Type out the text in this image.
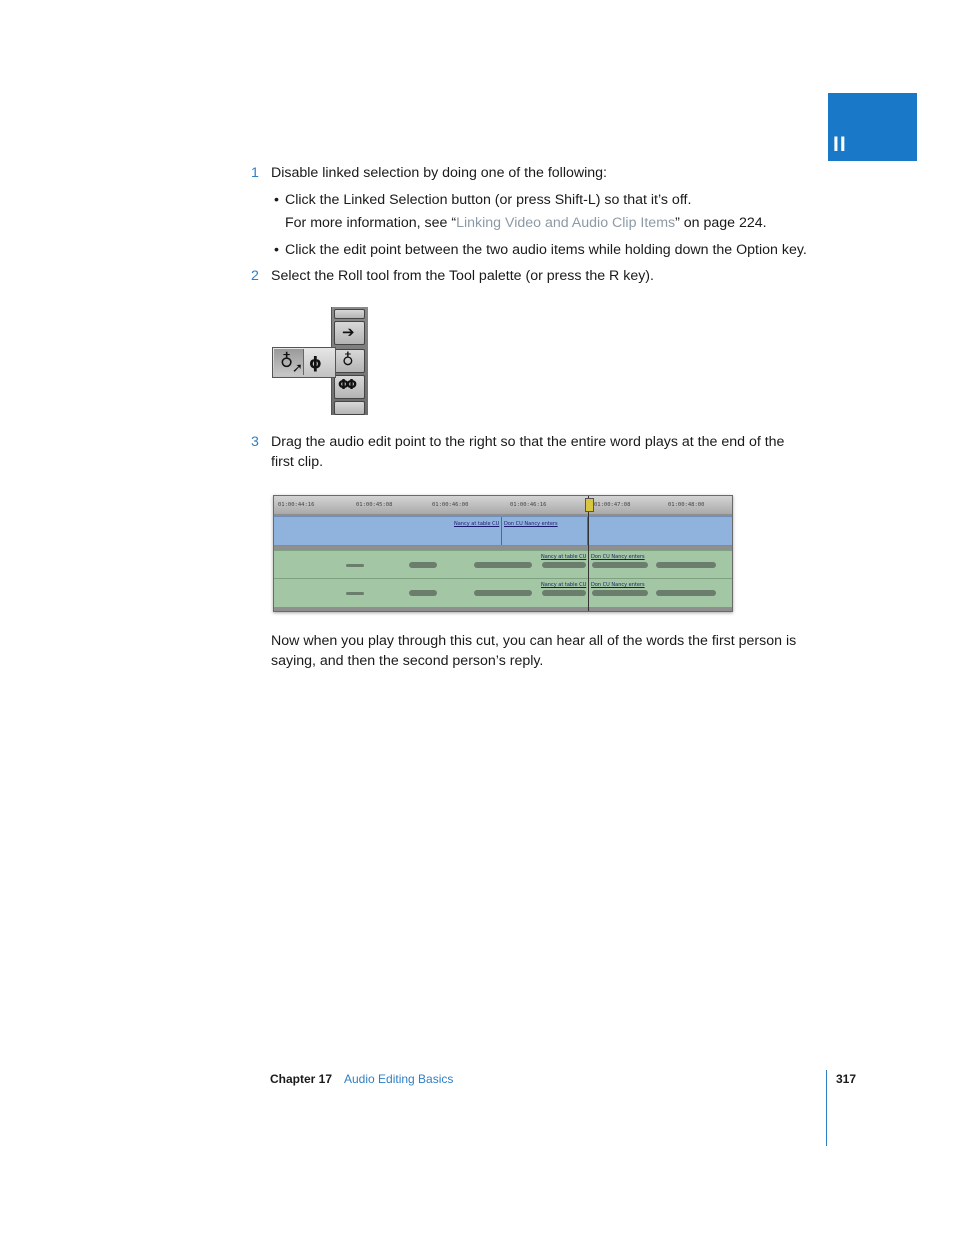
II
1 Disable linked selection by doing one of the following:
• Click the Linked Selection button (or press Shift-L) so that it’s off.
For more information, see “Linking Video and Audio Clip Items” on page 224.
• Click the edit point between the two audio items while holding down the Option key.
2 Select the Roll tool from the Tool palette (or press the R key).
➔
♁
ΦΦ
♁
➚ ɸ
3 Drag the audio edit point to the right so that the entire word plays at the end of the
first clip.
01:00:44:16	01:00:45:08	01:00:46:00	01:00:46:16	01:00:47:08	01:00:48:00
Nancy at table CU Don CU Nancy enters
Nancy at table CU Don CU Nancy enters
Nancy at table CU Don CU Nancy enters
Now when you play through this cut, you can hear all of the words the first person is
saying, and then the second person’s reply.
Chapter 17 Audio Editing Basics	317
